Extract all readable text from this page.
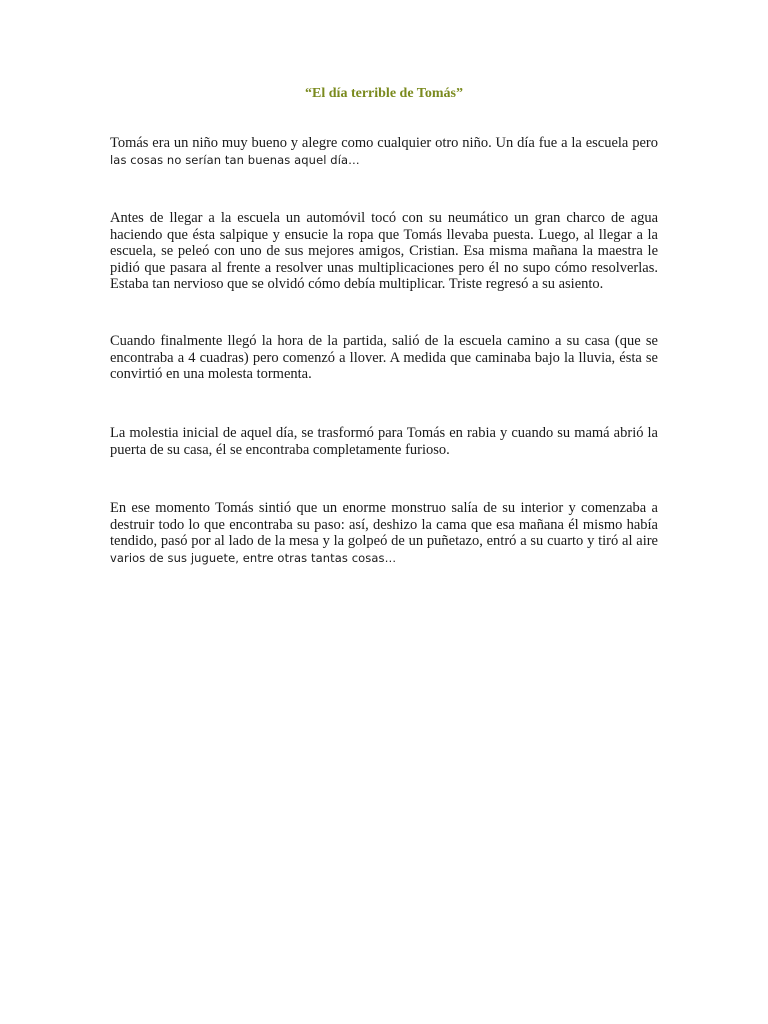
“El día terrible de Tomás”

Tomás era un niño muy bueno y alegre como cualquier otro niño. Un día fue a la escuela pero las cosas no serían tan buenas aquel día…

Antes de llegar a la escuela un automóvil tocó con su neumático un gran charco de agua haciendo que ésta salpique y ensucie la ropa que Tomás llevaba puesta. Luego, al llegar a la escuela, se peleó con uno de sus mejores amigos, Cristian. Esa misma mañana la maestra le pidió que pasara al frente a resolver unas multiplicaciones pero él no supo cómo resolverlas. Estaba tan nervioso que se olvidó cómo debía multiplicar. Triste regresó a su asiento.

Cuando finalmente llegó la hora de la partida, salió de la escuela camino a su casa (que se encontraba a 4 cuadras) pero comenzó a llover. A medida que caminaba bajo la lluvia, ésta se convirtió en una molesta tormenta.

La molestia inicial de aquel día, se trasformó para Tomás en rabia y cuando su mamá abrió la puerta de su casa, él se encontraba completamente furioso.

En ese momento Tomás sintió que un enorme monstruo salía de su interior y comenzaba a destruir todo lo que encontraba su paso: así, deshizo la cama que esa mañana él mismo había tendido, pasó por al lado de la mesa y la golpeó de un puñetazo, entró a su cuarto y tiró al aire varios de sus juguete, entre otras tantas cosas…
